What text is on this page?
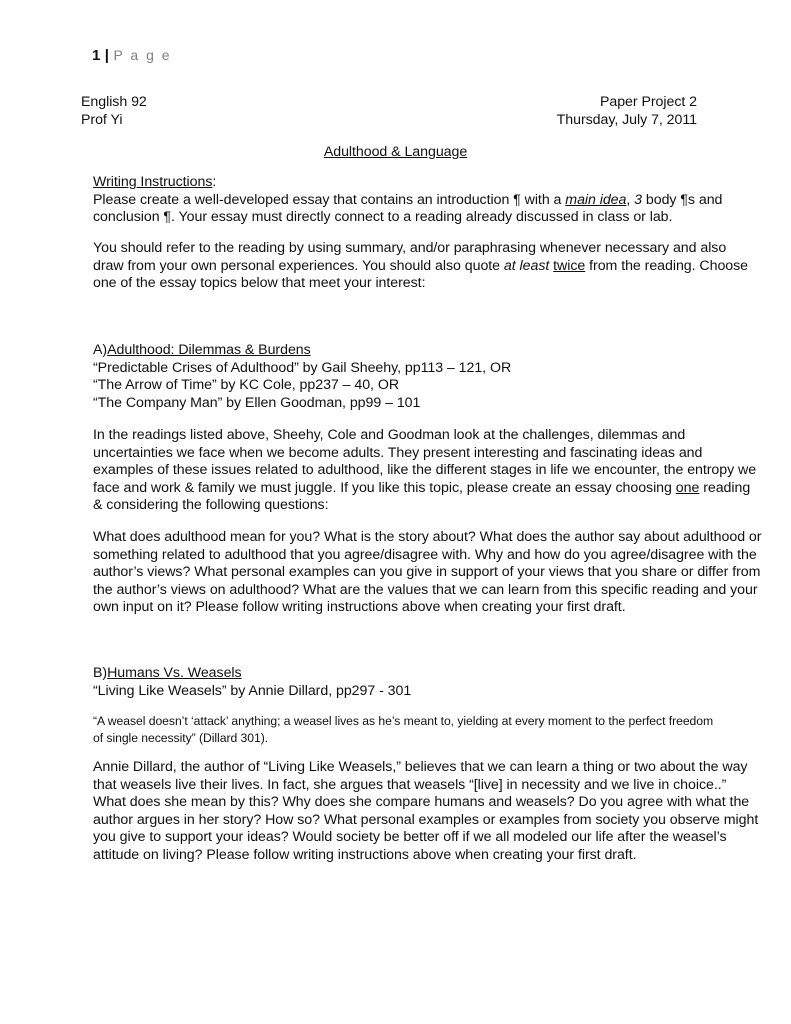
1 | P a g e
English 92
Prof Yi
Paper Project 2
Thursday, July 7, 2011
Adulthood & Language
Writing Instructions:
Please create a well-developed essay that contains an introduction ¶ with a main idea, 3 body ¶s and
conclusion ¶. Your essay must directly connect to a reading already discussed in class or lab.
You should refer to the reading by using summary, and/or paraphrasing whenever necessary and also
draw from your own personal experiences. You should also quote at least twice from the reading. Choose
one of the essay topics below that meet your interest:
A)Adulthood: Dilemmas & Burdens
“Predictable Crises of Adulthood” by Gail Sheehy, pp113 – 121, OR
“The Arrow of Time” by KC Cole, pp237 – 40, OR
“The Company Man” by Ellen Goodman, pp99 – 101
In the readings listed above, Sheehy, Cole and Goodman look at the challenges, dilemmas and
uncertainties we face when we become adults. They present interesting and fascinating ideas and
examples of these issues related to adulthood, like the different stages in life we encounter, the entropy we
face and work & family we must juggle. If you like this topic, please create an essay choosing one reading
& considering the following questions:
What does adulthood mean for you? What is the story about? What does the author say about adulthood or
something related to adulthood that you agree/disagree with. Why and how do you agree/disagree with the
author’s views? What personal examples can you give in support of your views that you share or differ from
the author’s views on adulthood? What are the values that we can learn from this specific reading and your
own input on it? Please follow writing instructions above when creating your first draft.
B)Humans Vs. Weasels
“Living Like Weasels” by Annie Dillard, pp297 - 301
“A weasel doesn’t ‘attack’ anything; a weasel lives as he’s meant to, yielding at every moment to the perfect freedom
of single necessity” (Dillard 301).
Annie Dillard, the author of “Living Like Weasels,” believes that we can learn a thing or two about the way
that weasels live their lives. In fact, she argues that weasels “[live] in necessity and we live in choice..”
What does she mean by this? Why does she compare humans and weasels? Do you agree with what the
author argues in her story? How so? What personal examples or examples from society you observe might
you give to support your ideas? Would society be better off if we all modeled our life after the weasel’s
attitude on living? Please follow writing instructions above when creating your first draft.
